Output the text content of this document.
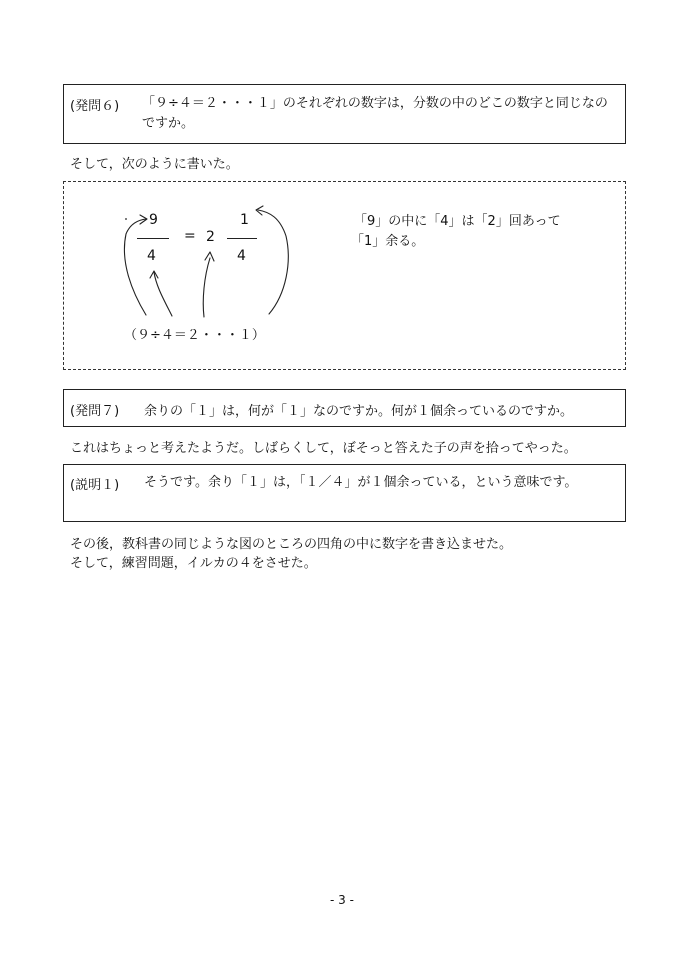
(発問６) 「９÷４＝２・・・１」のそれぞれの数字は，分数の中のどこの数字と同じなのですか。
そして，次のように書いた。
9
4
= 2
1
4
（９÷４＝２・・・１）
「9」の中に「4」は「2」回あって
「1」余る。
(発問７) 余りの「１」は，何が「１」なのですか。何が１個余っているのですか。
これはちょっと考えたようだ。しばらくして，ぼそっと答えた子の声を拾ってやった。
(説明１) そうです。余り「１」は，「１／４」が１個余っている，という意味です。
その後，教科書の同じような図のところの四角の中に数字を書き込ませた。
そして，練習問題，イルカの４をさせた。
- 3 -
